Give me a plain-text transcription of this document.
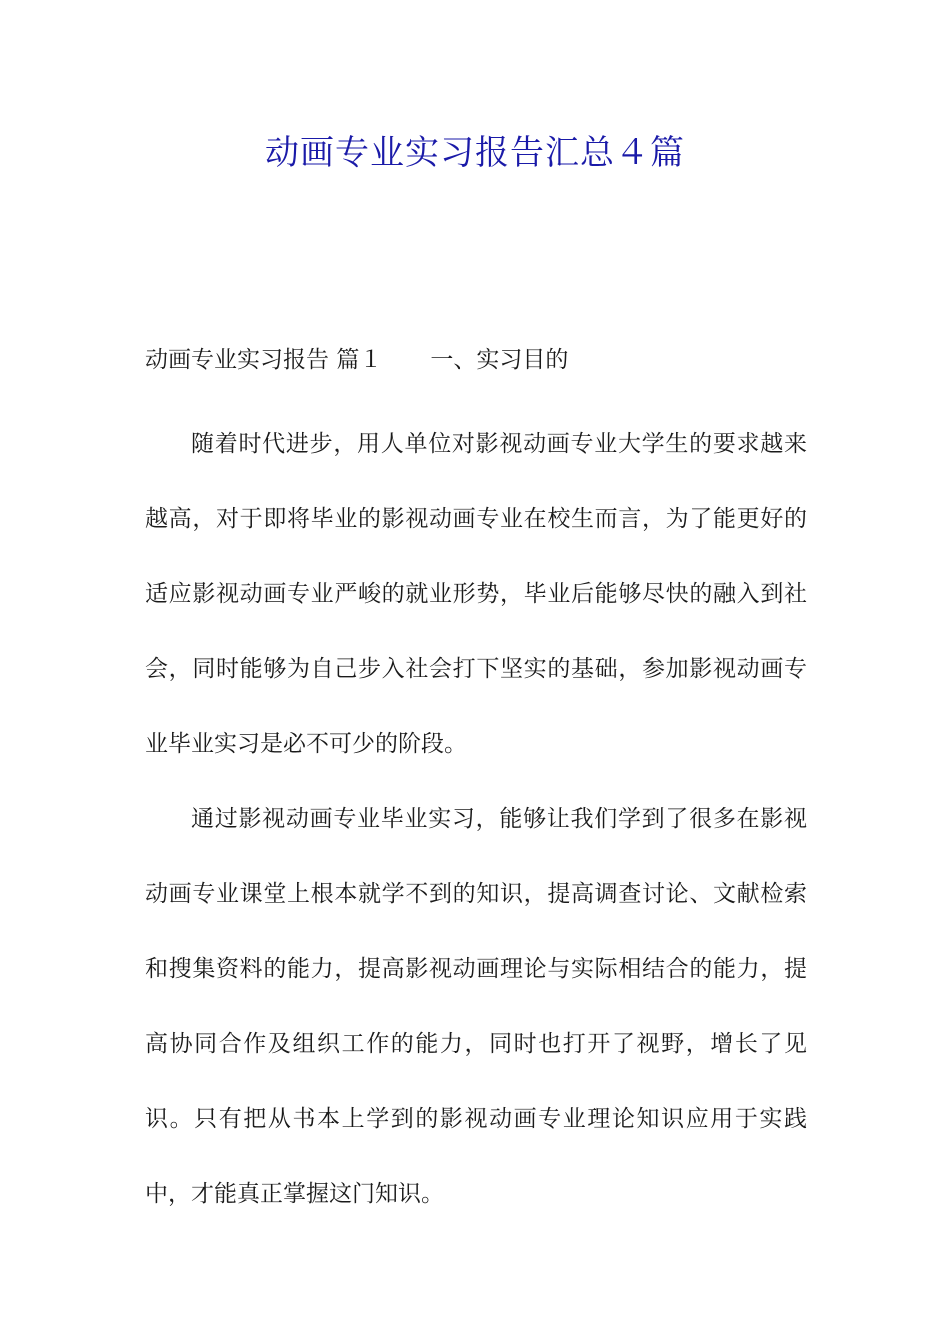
动画专业实习报告汇总４篇

动画专业实习报告 篇１ 一、实习目的

随着时代进步，用人单位对影视动画专业大学生的要求越来越高，对于即将毕业的影视动画专业在校生而言，为了能更好的适应影视动画专业严峻的就业形势，毕业后能够尽快的融入到社会，同时能够为自己步入社会打下坚实的基础，参加影视动画专业毕业实习是必不可少的阶段。

通过影视动画专业毕业实习，能够让我们学到了很多在影视动画专业课堂上根本就学不到的知识，提高调查讨论、文献检索和搜集资料的能力，提高影视动画理论与实际相结合的能力，提高协同合作及组织工作的能力，同时也打开了视野，增长了见识。只有把从书本上学到的影视动画专业理论知识应用于实践中，才能真正掌握这门知识。
